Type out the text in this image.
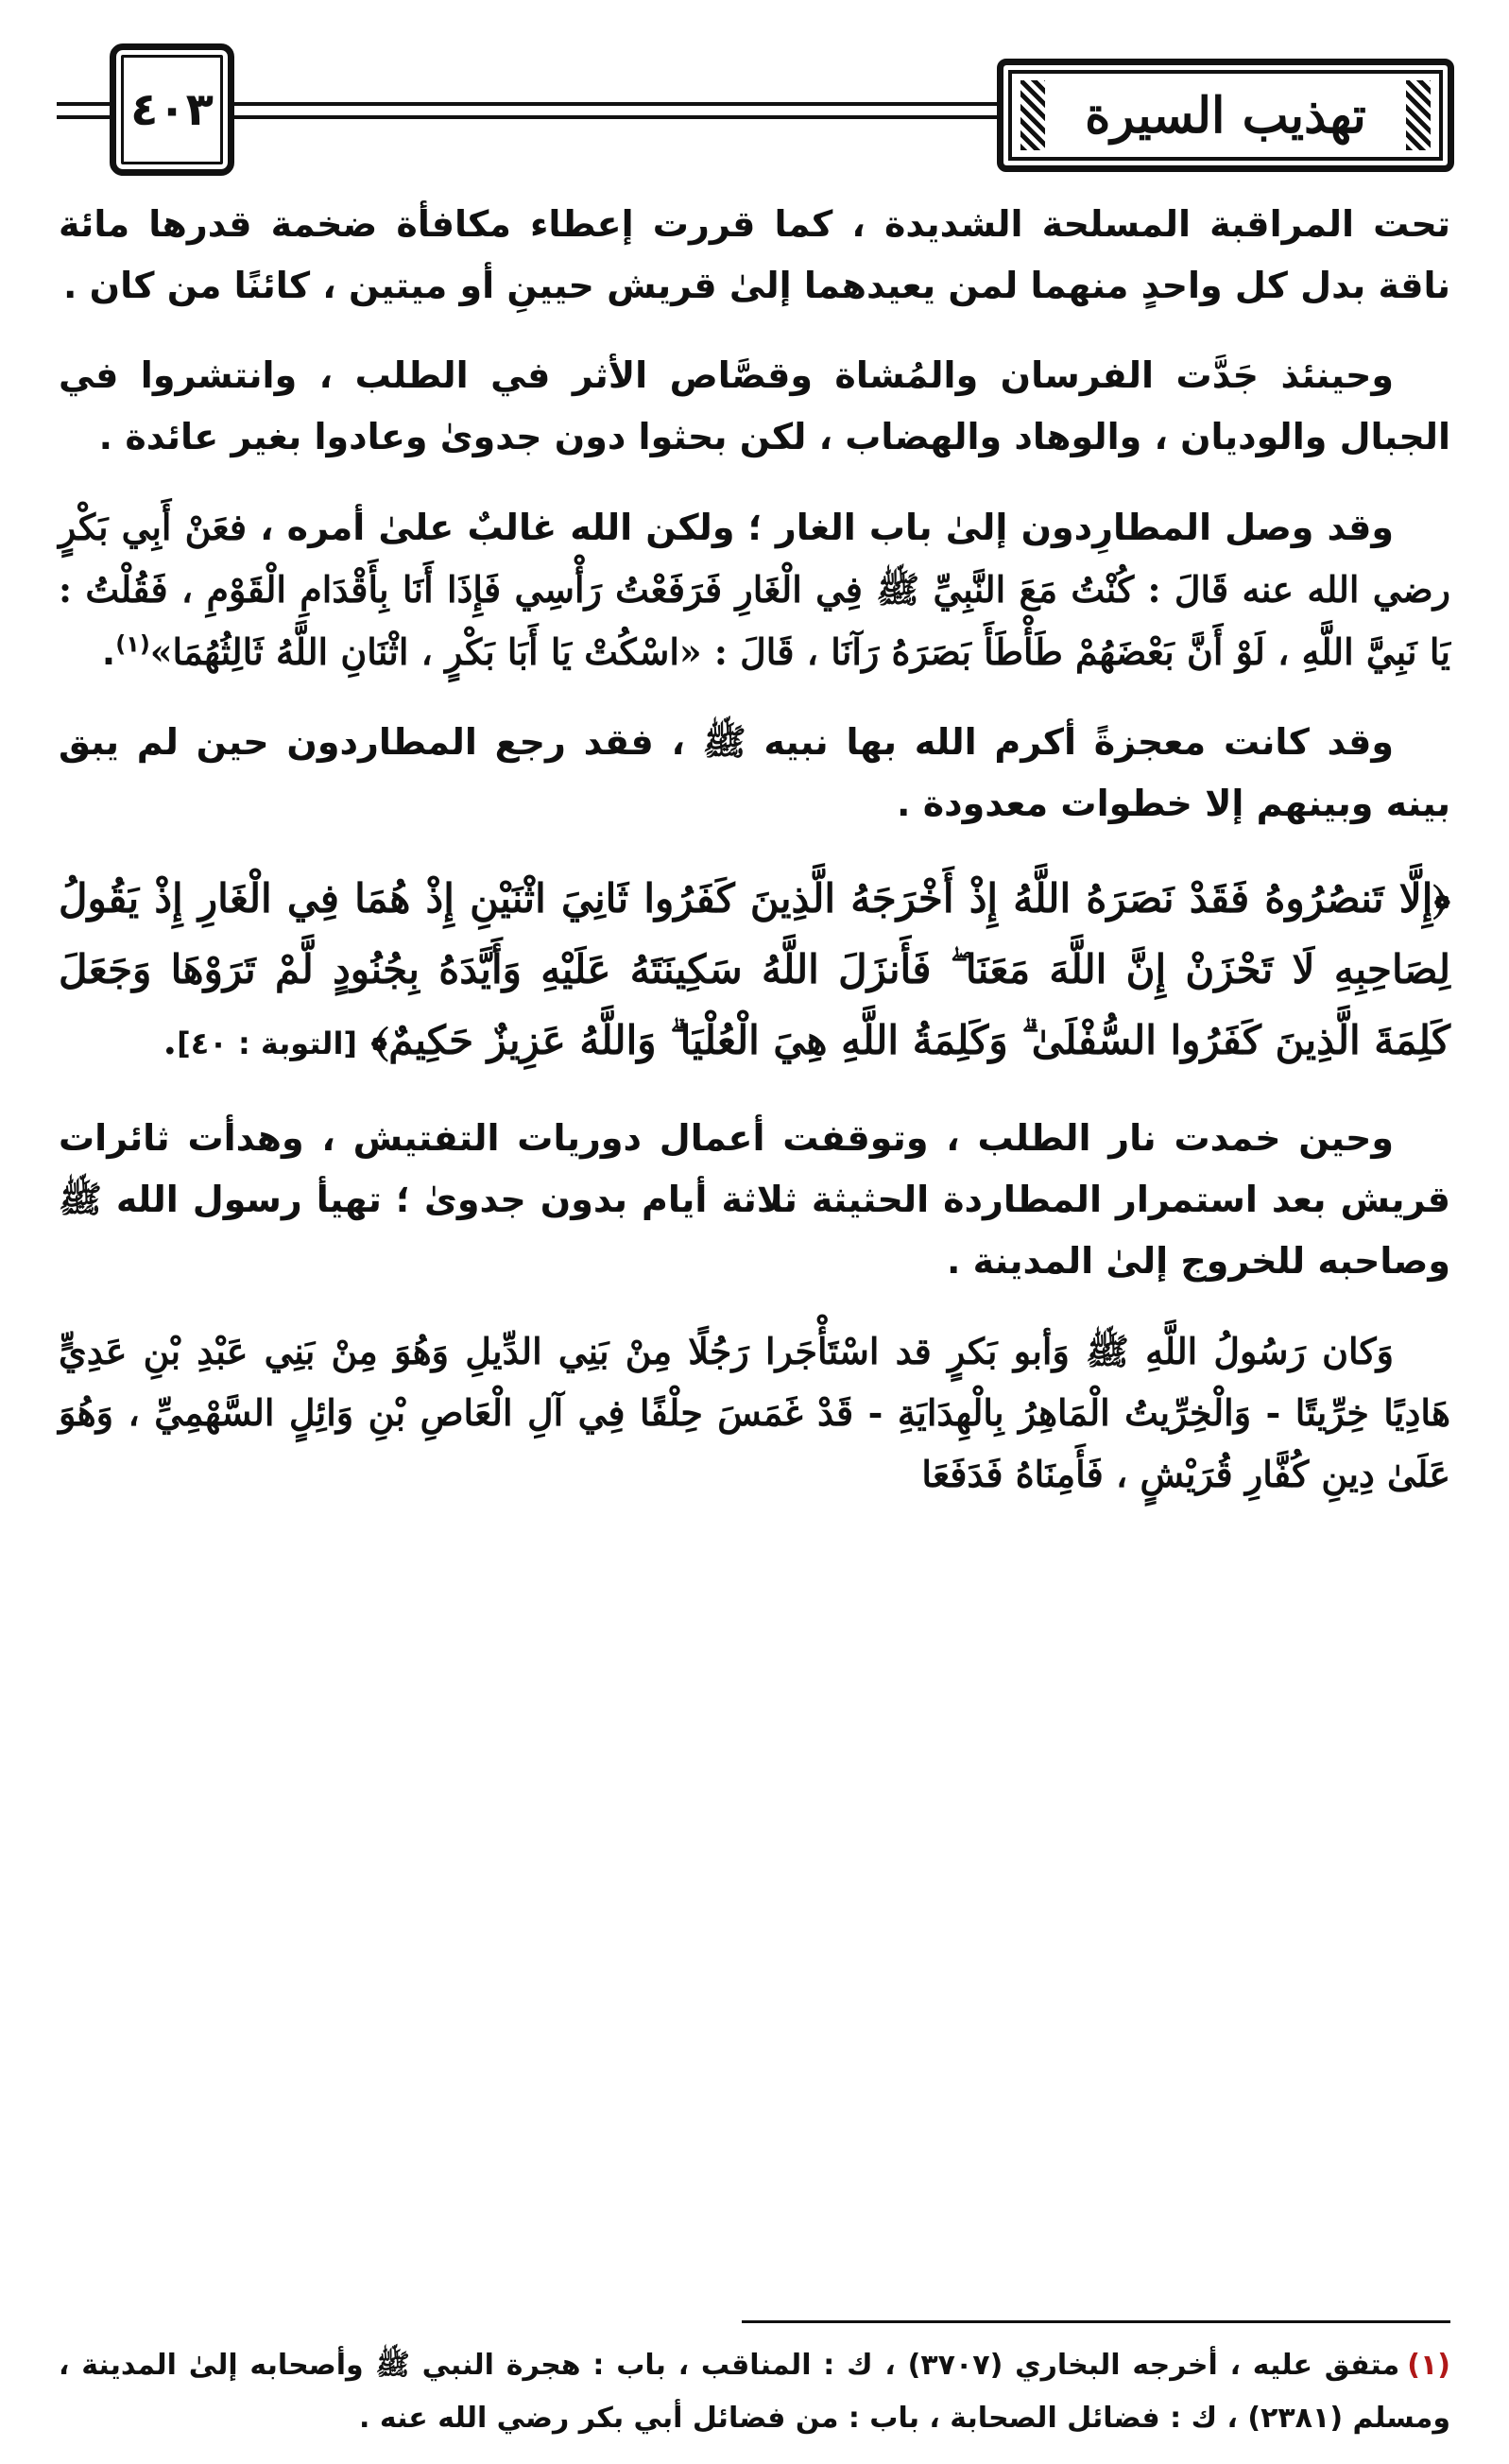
تهذيب السيرة
٤٠٣

تحت المراقبة المسلحة الشديدة ، كما قررت إعطاء مكافأة ضخمة قدرها مائة ناقة بدل كل واحدٍ منهما لمن يعيدهما إلىٰ قريش حيينِ أو ميتين ، كائنًا من كان .

وحينئذ جَدَّت الفرسان والمُشاة وقصَّاص الأثر في الطلب ، وانتشروا في الجبال والوديان ، والوهاد والهضاب ، لكن بحثوا دون جدوىٰ وعادوا بغير عائدة .

وقد وصل المطارِدون إلىٰ باب الغار ؛ ولكن الله غالبٌ علىٰ أمره ، فعَنْ أَبِي بَكْرٍ رضي الله عنه قَالَ : كُنْتُ مَعَ النَّبِيِّ ﷺ فِي الْغَارِ فَرَفَعْتُ رَأْسِي فَإِذَا أَنَا بِأَقْدَامِ الْقَوْمِ ، فَقُلْتُ : يَا نَبِيَّ اللَّهِ ، لَوْ أَنَّ بَعْضَهُمْ طَأْطَأَ بَصَرَهُ رَآنَا ، قَالَ : «اسْكُتْ يَا أَبَا بَكْرٍ ، اثْنَانِ اللَّهُ ثَالِثُهُمَا»$^{(١)}$.

وقد كانت معجزةً أكرم الله بها نبيه ﷺ ، فقد رجع المطاردون حين لم يبق بينه وبينهم إلا خطوات معدودة .

﴿إِلَّا تَنصُرُوهُ فَقَدْ نَصَرَهُ اللَّهُ إِذْ أَخْرَجَهُ الَّذِينَ كَفَرُوا ثَانِيَ اثْنَيْنِ إِذْ هُمَا فِي الْغَارِ إِذْ يَقُولُ لِصَاحِبِهِ لَا تَحْزَنْ إِنَّ اللَّهَ مَعَنَا ۖ فَأَنزَلَ اللَّهُ سَكِينَتَهُ عَلَيْهِ وَأَيَّدَهُ بِجُنُودٍ لَّمْ تَرَوْهَا وَجَعَلَ كَلِمَةَ الَّذِينَ كَفَرُوا السُّفْلَىٰ ۗ وَكَلِمَةُ اللَّهِ هِيَ الْعُلْيَا ۗ وَاللَّهُ عَزِيزٌ حَكِيمٌ﴾ [التوبة : ٤٠].

وحين خمدت نار الطلب ، وتوقفت أعمال دوريات التفتيش ، وهدأت ثائرات قريش بعد استمرار المطاردة الحثيثة ثلاثة أيام بدون جدوىٰ ؛ تهيأ رسول الله ﷺ وصاحبه للخروج إلىٰ المدينة .

وَكان رَسُولُ اللَّهِ ﷺ وَأبو بَكرٍ قد اسْتَأْجَرا رَجُلًا مِنْ بَنِي الدِّيلِ وَهُوَ مِنْ بَنِي عَبْدِ بْنِ عَدِيٍّ هَادِيًا خِرِّيتًا - وَالْخِرِّيتُ الْمَاهِرُ بِالْهِدَايَةِ - قَدْ غَمَسَ حِلْفًا فِي آلِ الْعَاصِ بْنِ وَائِلٍ السَّهْمِيِّ ، وَهُوَ عَلَىٰ دِينِ كُفَّارِ قُرَيْشٍ ، فَأَمِنَاهُ فَدَفَعَا

(١)متفق عليه ، أخرجه البخاري (٣٧٠٧) ، ك : المناقب ، باب : هجرة النبي ﷺ وأصحابه إلىٰ المدينة ، ومسلم (٢٣٨١) ، ك : فضائل الصحابة ، باب : من فضائل أبي بكر رضي الله عنه .
